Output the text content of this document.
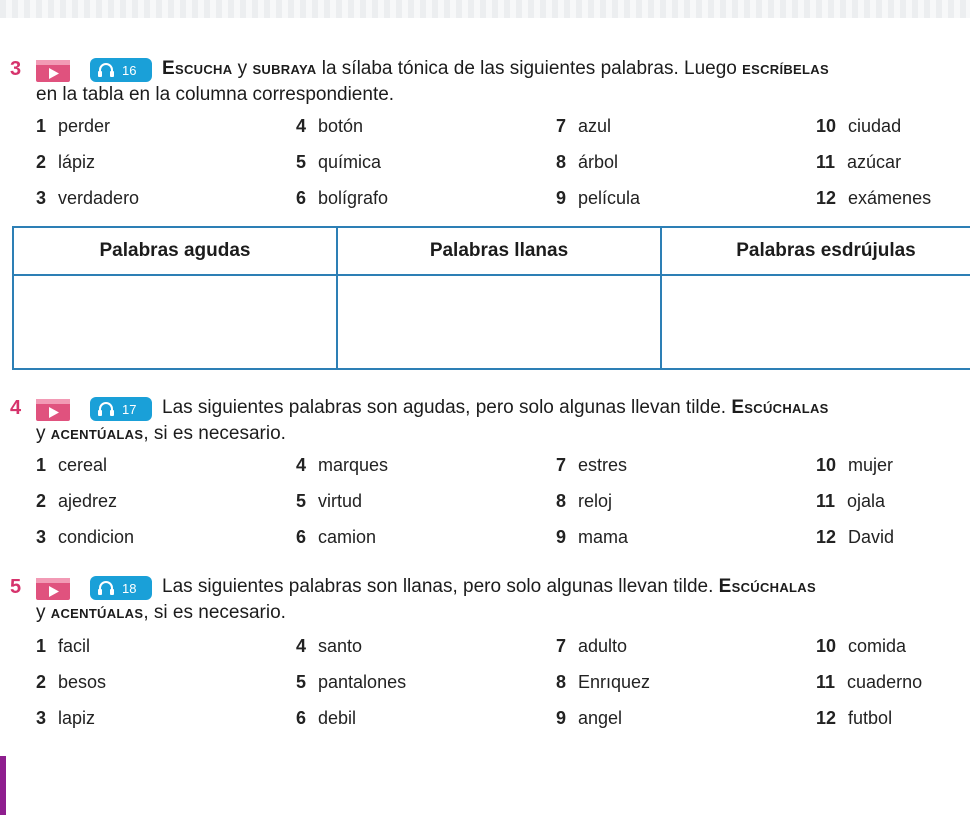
3	16 Escucha y subraya la sílaba tónica de las siguientes palabras. Luego escríbelas
en la tabla en la columna correspondiente.
1 perder	4 botón	7 azul	10 ciudad
2 lápiz	5 química	8 árbol	11 azúcar
3 verdadero	6 bolígrafo	9 película	12 exámenes
Palabras agudas	Palabras llanas	Palabras esdrújulas

4	17 Las siguientes palabras son agudas, pero solo algunas llevan tilde. Escúchalas
y acentúalas, si es necesario.
1 cereal	4 marques	7 estres	10 mujer
2 ajedrez	5 virtud	8 reloj	11 ojala
3 condicion	6 camion	9 mama	12 David
5	18 Las siguientes palabras son llanas, pero solo algunas llevan tilde. Escúchalas
y acentúalas, si es necesario.
1 facil	4 santo	7 adulto	10 comida
2 besos	5 pantalones	8 Enrıquez	11 cuaderno
3 lapiz	6 debil	9 angel	12 futbol
